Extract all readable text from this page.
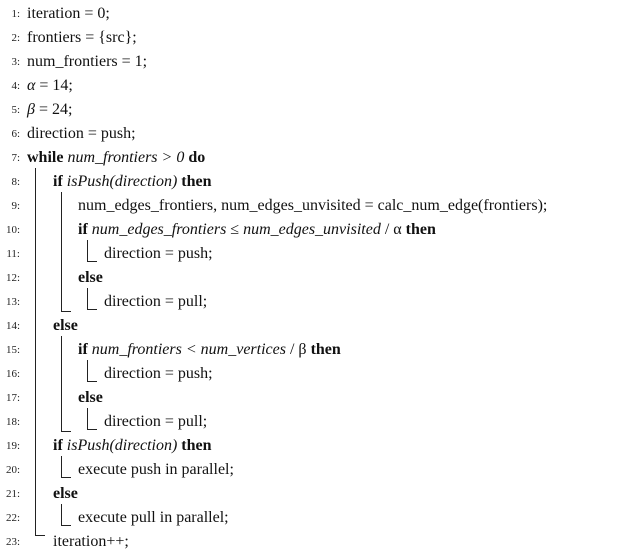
1:
2:
3:
4:
5:
6:
7:
8:
9:
10:
11:
12:
13:
14:
15:
16:
17:
18:
19:
20:
21:
22:
23:
iteration = 0;
frontiers = {src};
num_frontiers = 1;
α = 14;
β = 24;
direction = push;
while num_frontiers > 0 do
if isPush(direction) then
num_edges_frontiers, num_edges_unvisited = calc_num_edge(frontiers);
if num_edges_frontiers ≤ num_edges_unvisited / α then
direction = push;
else
direction = pull;
else
if num_frontiers < num_vertices / β then
direction = push;
else
direction = pull;
if isPush(direction) then
execute push in parallel;
else
execute pull in parallel;
iteration++;
